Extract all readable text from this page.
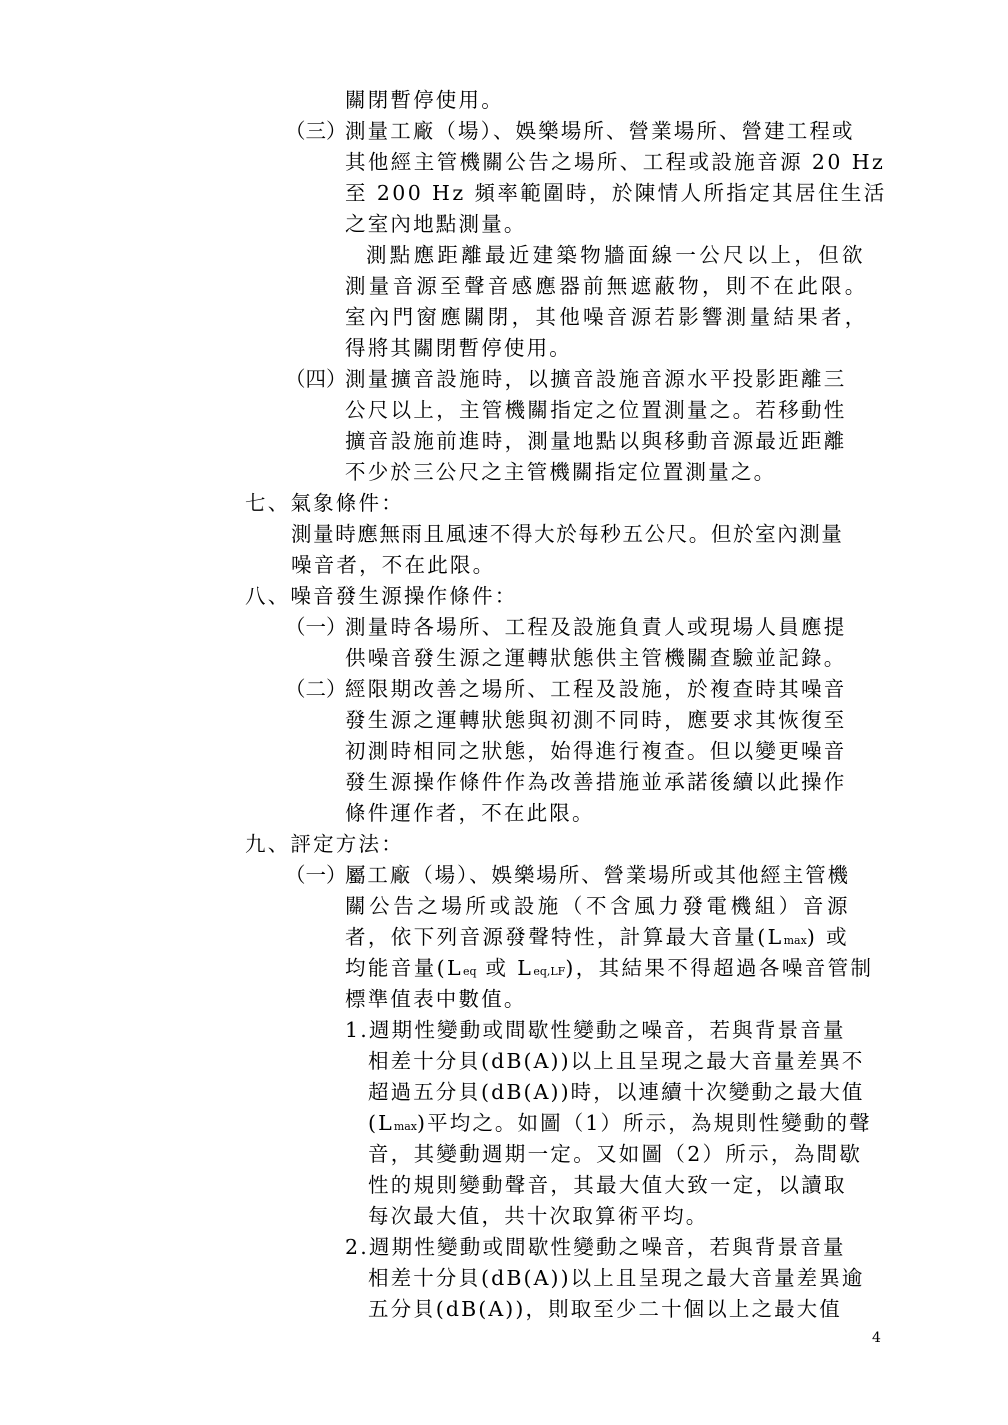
關閉暫停使用。
（三）
測量工廠（場）、娛樂場所、營業場所、營建工程或
其他經主管機關公告之場所、工程或設施音源 20 Hz
至 200 Hz 頻率範圍時，於陳情人所指定其居住生活
之室內地點測量。
測點應距離最近建築物牆面線一公尺以上，但欲
測量音源至聲音感應器前無遮蔽物，則不在此限。
室內門窗應關閉，其他噪音源若影響測量結果者，
得將其關閉暫停使用。
（四）
測量擴音設施時，以擴音設施音源水平投影距離三
公尺以上，主管機關指定之位置測量之。若移動性
擴音設施前進時，測量地點以與移動音源最近距離
不少於三公尺之主管機關指定位置測量之。
七、氣象條件：
測量時應無雨且風速不得大於每秒五公尺。但於室內測量
噪音者，不在此限。
八、噪音發生源操作條件：
（一）
測量時各場所、工程及設施負責人或現場人員應提
供噪音發生源之運轉狀態供主管機關查驗並記錄。
（二）
經限期改善之場所、工程及設施，於複查時其噪音
發生源之運轉狀態與初測不同時，應要求其恢復至
初測時相同之狀態，始得進行複查。但以變更噪音
發生源操作條件作為改善措施並承諾後續以此操作
條件運作者，不在此限。
九、評定方法：
（一）
屬工廠（場）、娛樂場所、營業場所或其他經主管機
關公告之場所或設施（不含風力發電機組）音源
者，依下列音源發聲特性，計算最大音量(Lmax) 或
均能音量(Leq 或 Leq,LF)，其結果不得超過各噪音管制
標準值表中數值。
1.週期性變動或間歇性變動之噪音，若與背景音量
相差十分貝(dB(A))以上且呈現之最大音量差異不
超過五分貝(dB(A))時，以連續十次變動之最大值
(Lmax)平均之。如圖（1）所示，為規則性變動的聲
音，其變動週期一定。又如圖（2）所示，為間歇
性的規則變動聲音，其最大值大致一定，以讀取
每次最大值，共十次取算術平均。
2.週期性變動或間歇性變動之噪音，若與背景音量
相差十分貝(dB(A))以上且呈現之最大音量差異逾
五分貝(dB(A))，則取至少二十個以上之最大值
4
